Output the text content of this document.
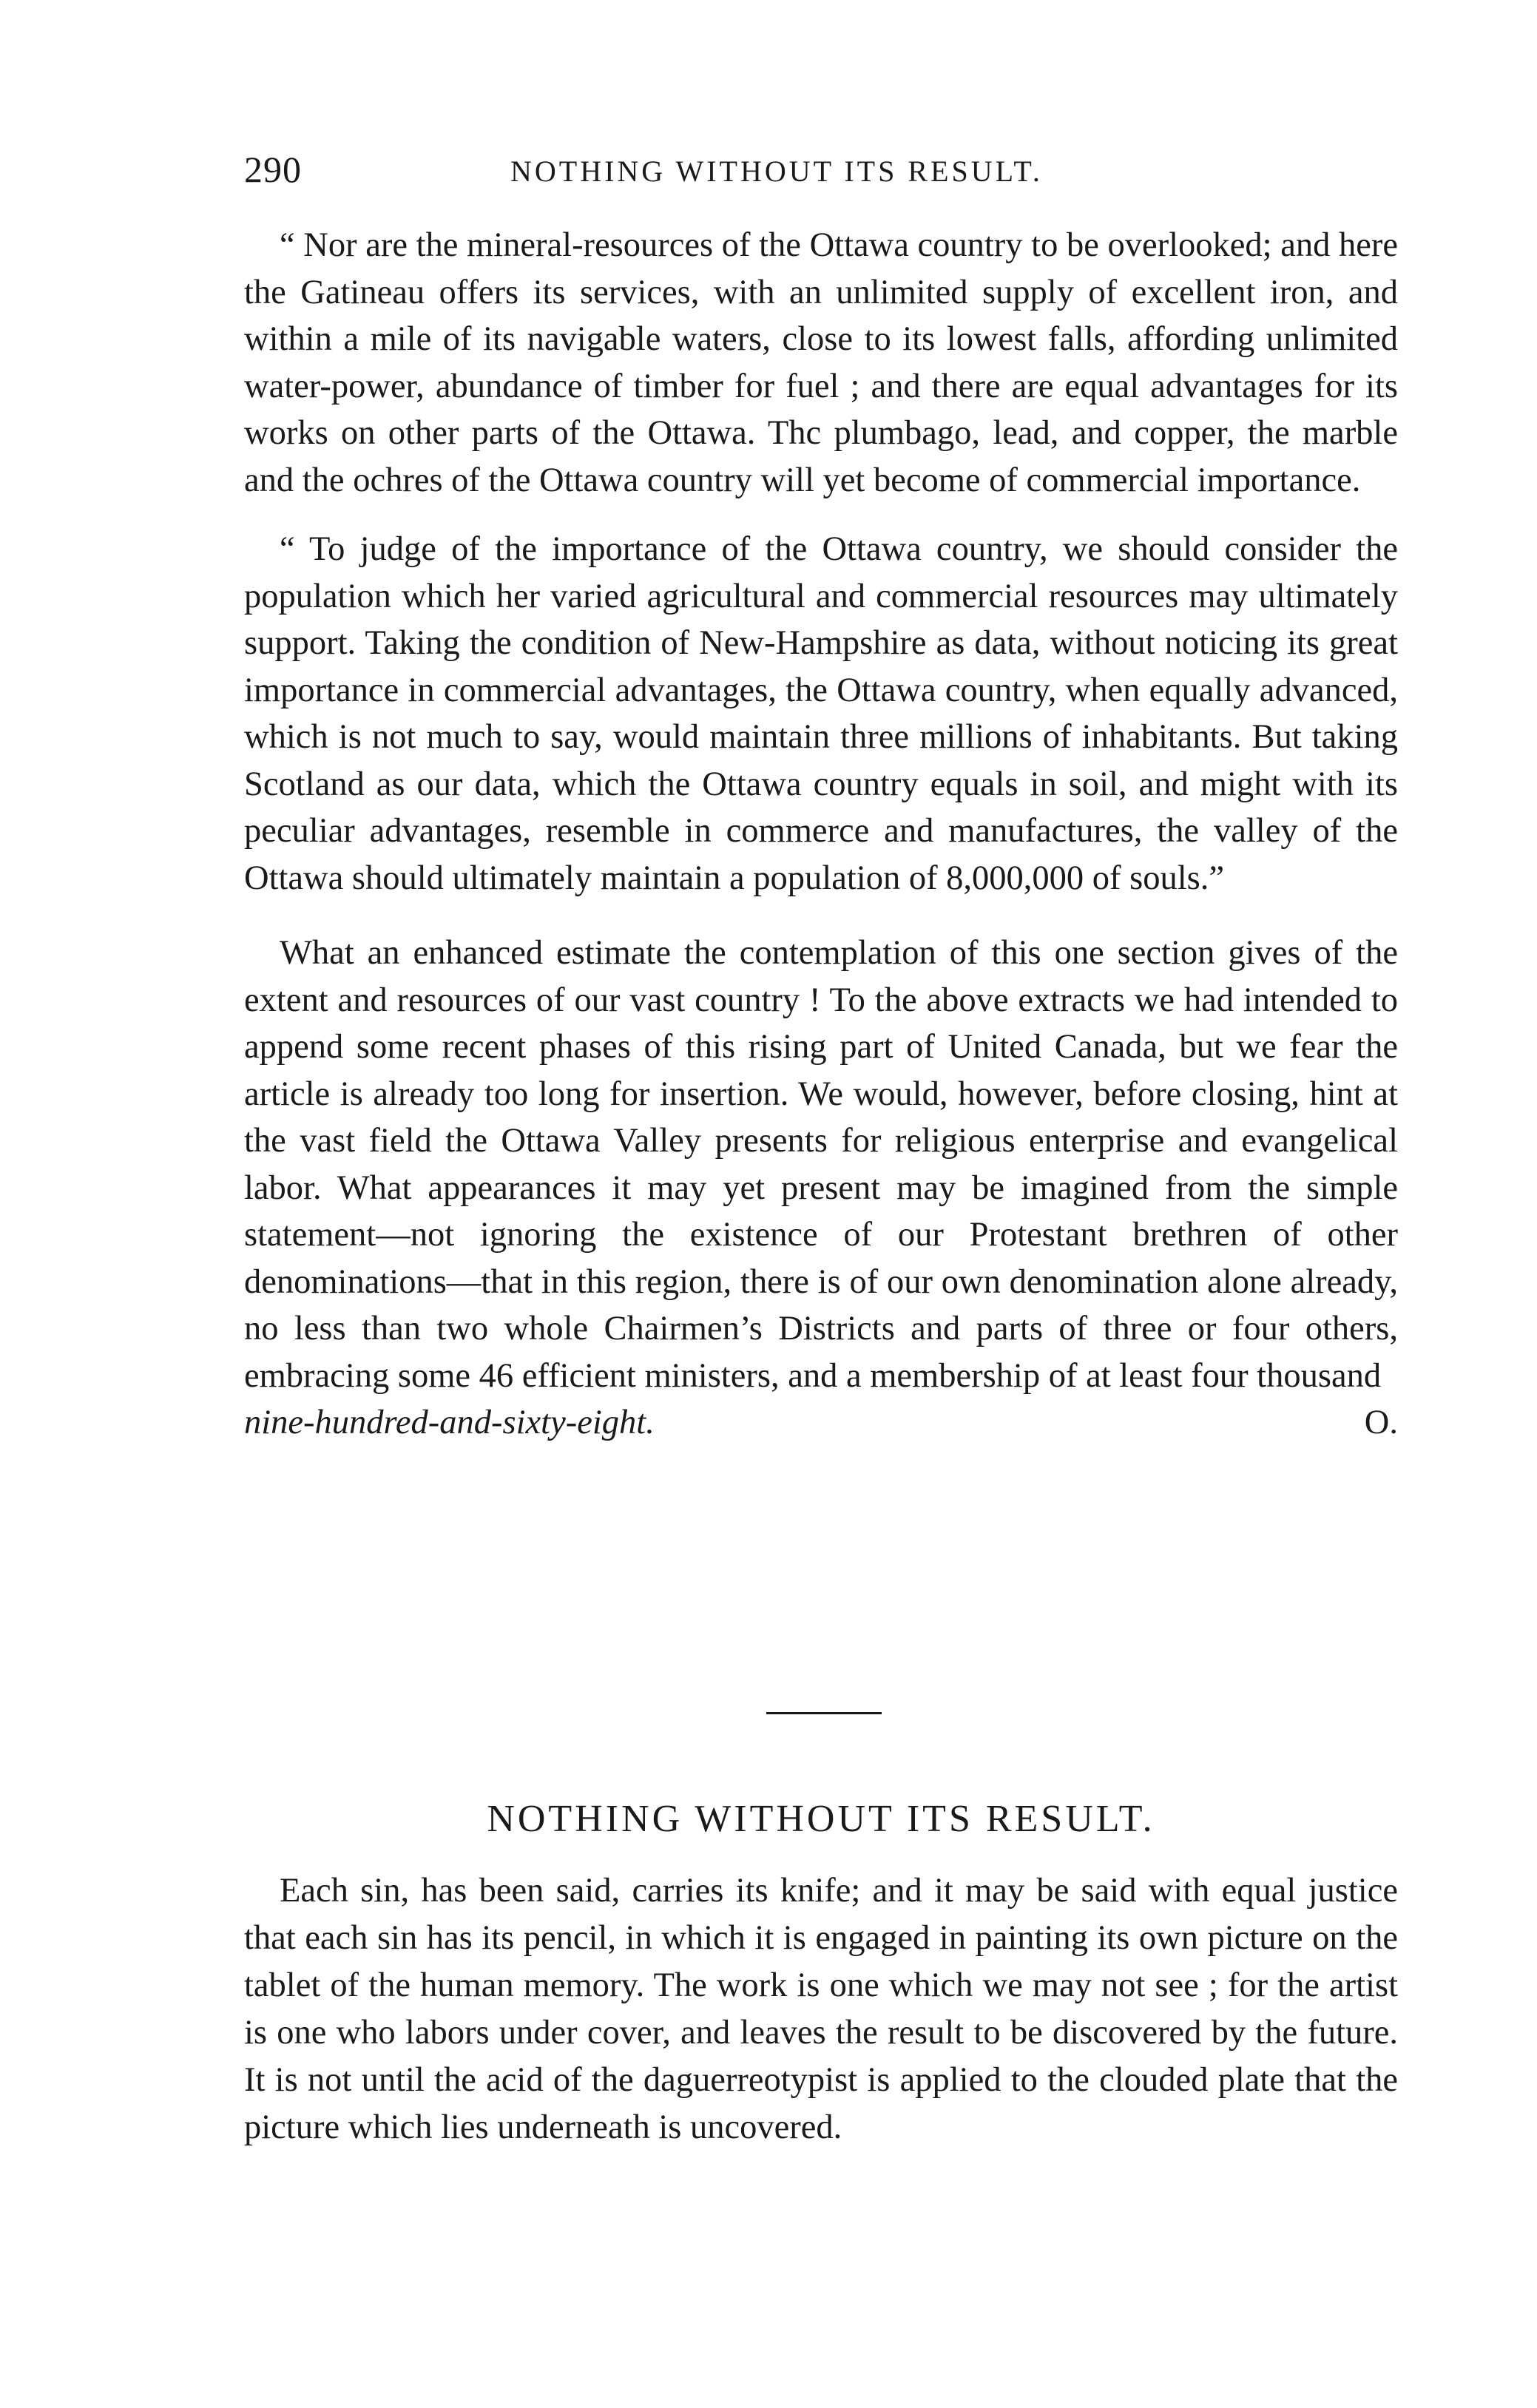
290	NOTHING WITHOUT ITS RESULT.

“ Nor are the mineral-resources of the Ottawa country to be overlooked; and here the Gatineau offers its services, with an unlimited supply of excellent iron, and within a mile of its navigable waters, close to its lowest falls, affording unlimited water-power, abundance of timber for fuel ; and there are equal advantages for its works on other parts of the Ottawa. Thc plumbago, lead, and copper, the marble and the ochres of the Ottawa country will yet become of commercial importance.

“ To judge of the importance of the Ottawa country, we should consider the population which her varied agricultural and commercial resources may ultimately support. Taking the condition of New-Hampshire as data, without noticing its great importance in commercial advantages, the Ottawa country, when equally advanced, which is not much to say, would maintain three millions of inhabitants. But taking Scotland as our data, which the Ottawa country equals in soil, and might with its peculiar advantages, resemble in commerce and manufactures, the valley of the Ottawa should ultimately maintain a population of 8,000,000 of souls.”

What an enhanced estimate the contemplation of this one section gives of the extent and resources of our vast country ! To the above extracts we had intended to append some recent phases of this rising part of United Canada, but we fear the article is already too long for insertion. We would, however, before closing, hint at the vast field the Ottawa Valley presents for religious enterprise and evangelical labor. What appearances it may yet present may be imagined from the simple statement—not ignoring the existence of our Protestant brethren of other denominations—that in this region, there is of our own denomination alone already, no less than two whole Chairmen’s Districts and parts of three or four others, embracing some 46 efficient ministers, and a membership of at least four thousand

nine-hundred-and-sixty-eight.	O.
NOTHING WITHOUT ITS RESULT.

Each sin, has been said, carries its knife; and it may be said with equal justice that each sin has its pencil, in which it is engaged in painting its own picture on the tablet of the human memory. The work is one which we may not see ; for the artist is one who labors under cover, and leaves the result to be discovered by the future. It is not until the acid of the daguerreotypist is applied to the clouded plate that the picture which lies underneath is uncovered.
